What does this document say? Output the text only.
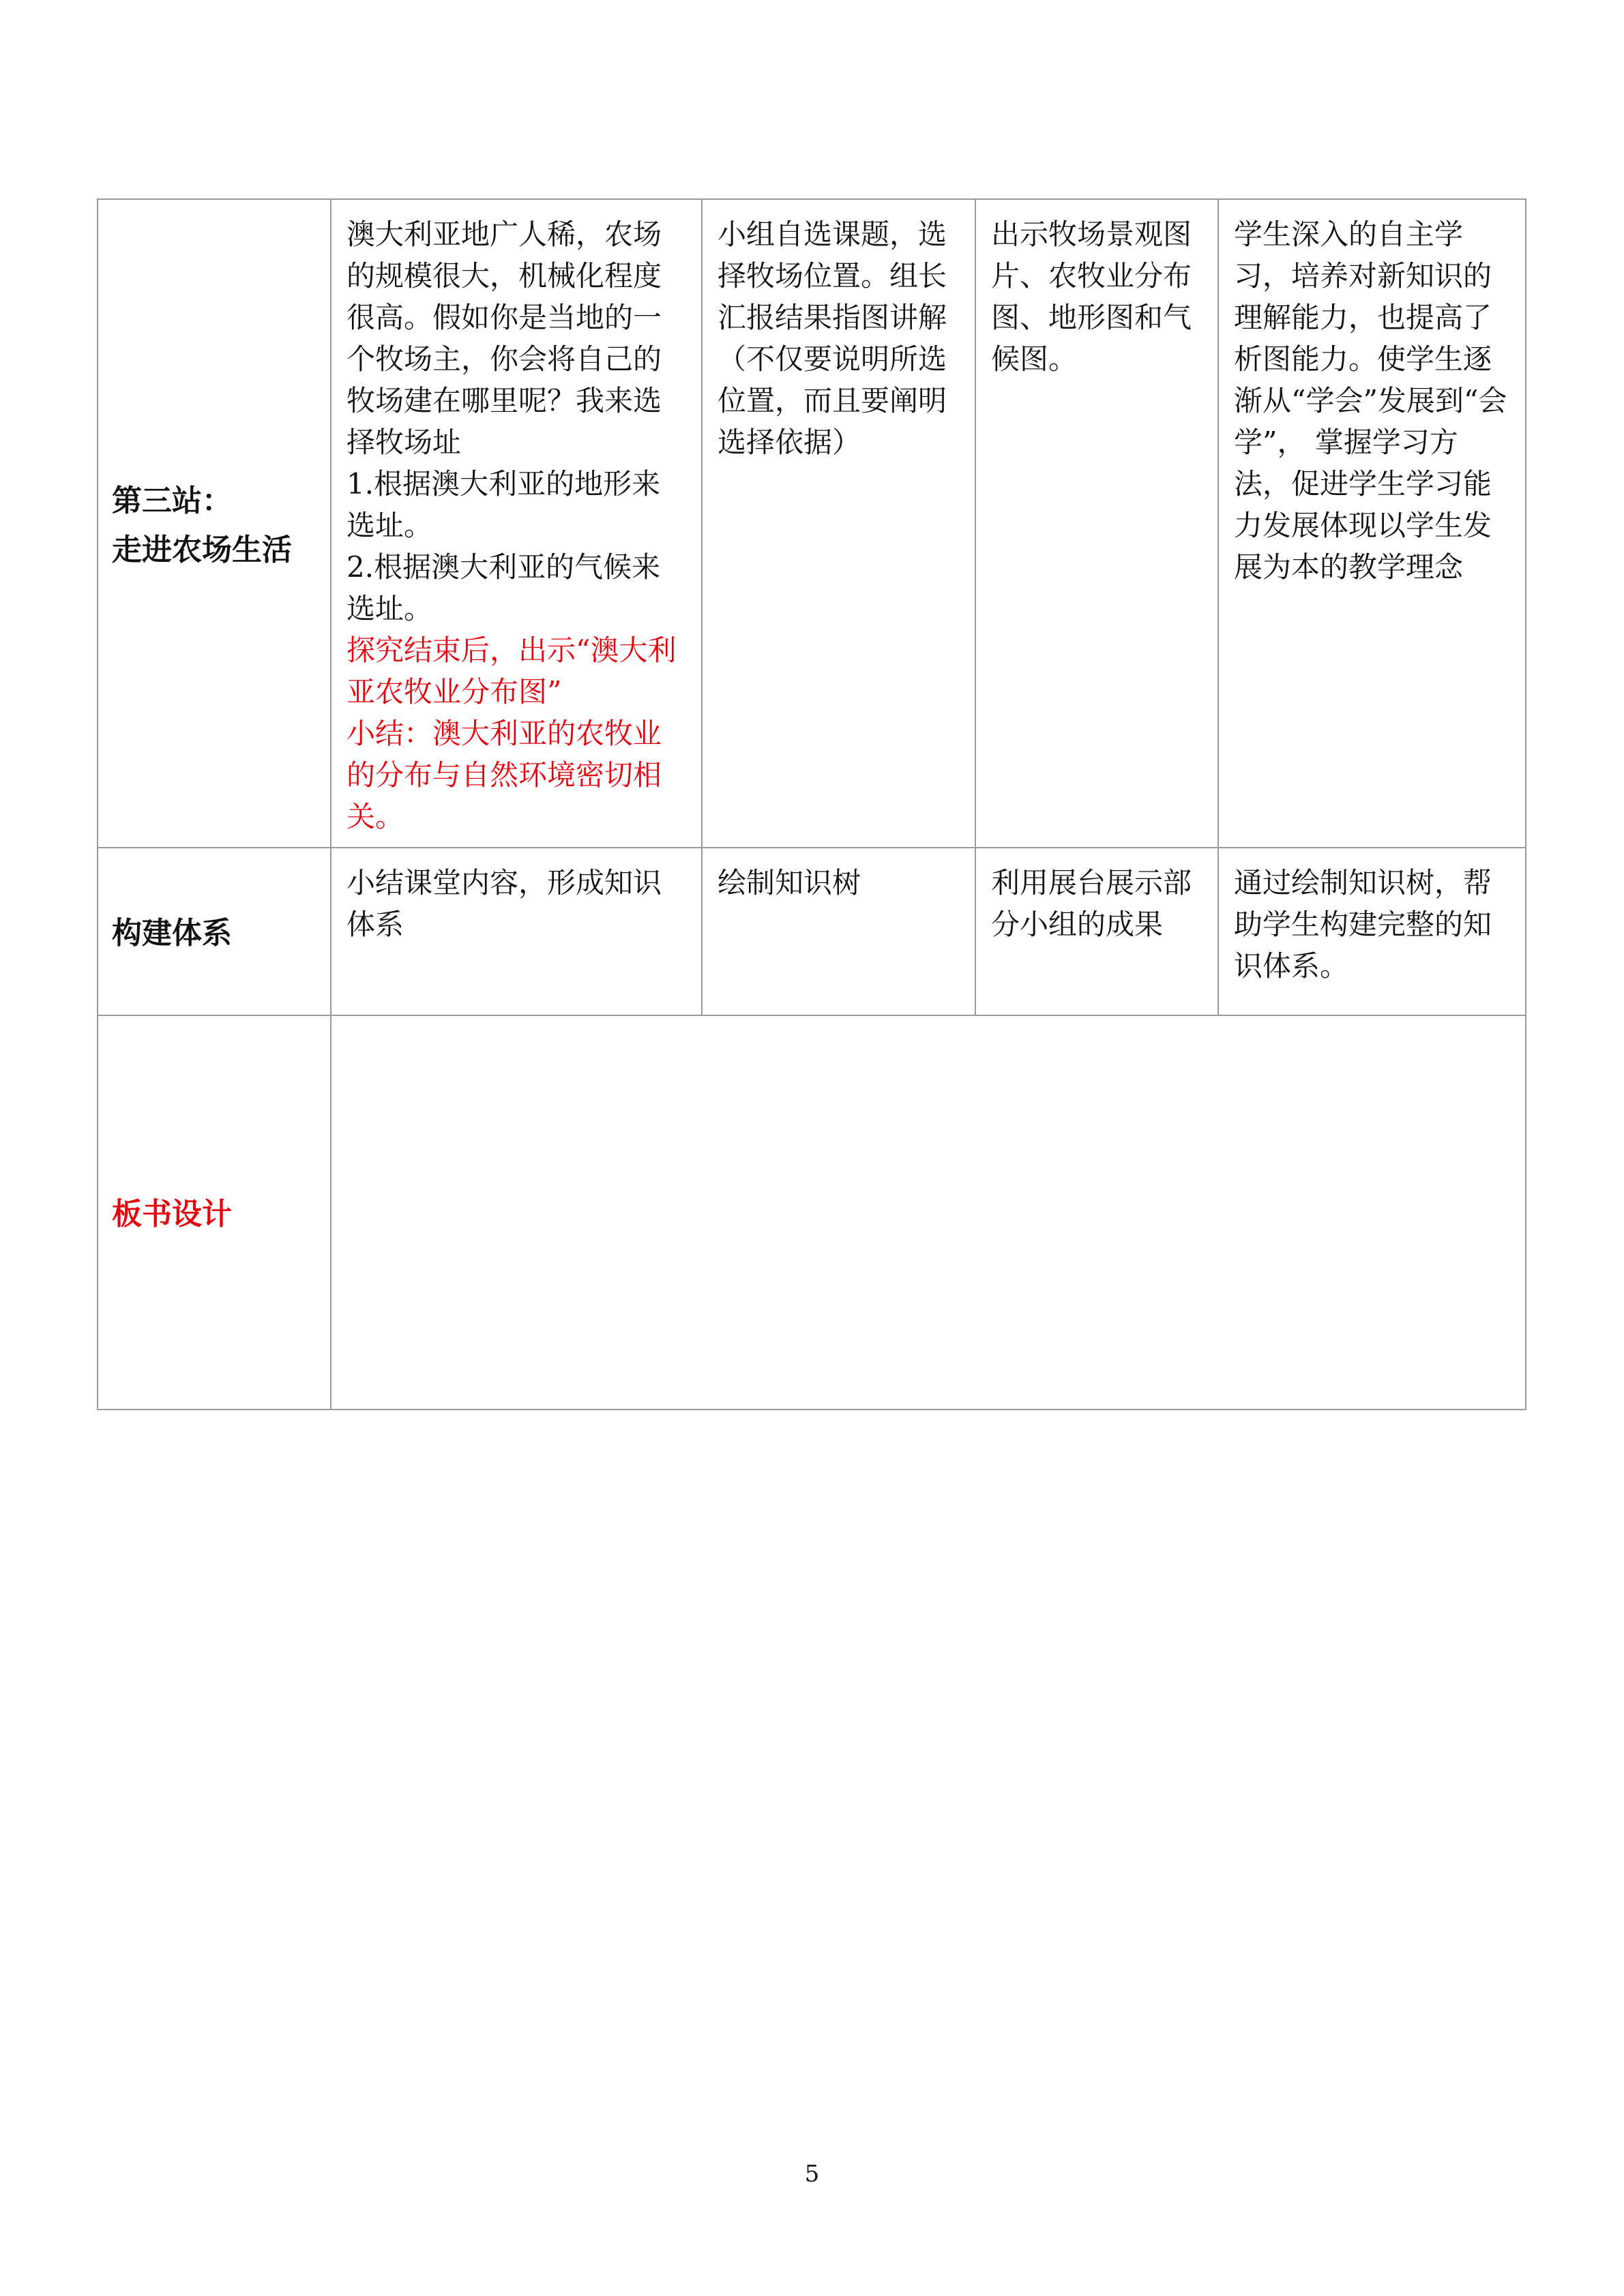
第三站：
走进农场生活	澳大利亚地广人稀，农场的规模很大，机械化程度很高。假如你是当地的一个牧场主，你会将自己的牧场建在哪里呢？我来选择牧场址
1.根据澳大利亚的地形来选址。
2.根据澳大利亚的气候来选址。
探究结束后，出示“澳大利亚农牧业分布图”
小结：澳大利亚的农牧业的分布与自然环境密切相关。	小组自选课题，选择牧场位置。组长汇报结果指图讲解（不仅要说明所选位置，而且要阐明选择依据）	出示牧场景观图片、农牧业分布图、地形图和气候图。	学生深入的自主学习，培养对新知识的理解能力，也提高了析图能力。使学生逐渐从“学会”发展到“会学”， 掌握学习方法，促进学生学习能力发展体现以学生发展为本的教学理念
构建体系	小结课堂内容，形成知识体系	绘制知识树	利用展台展示部分小组的成果	通过绘制知识树，帮助学生构建完整的知识体系。
板书设计				
5
